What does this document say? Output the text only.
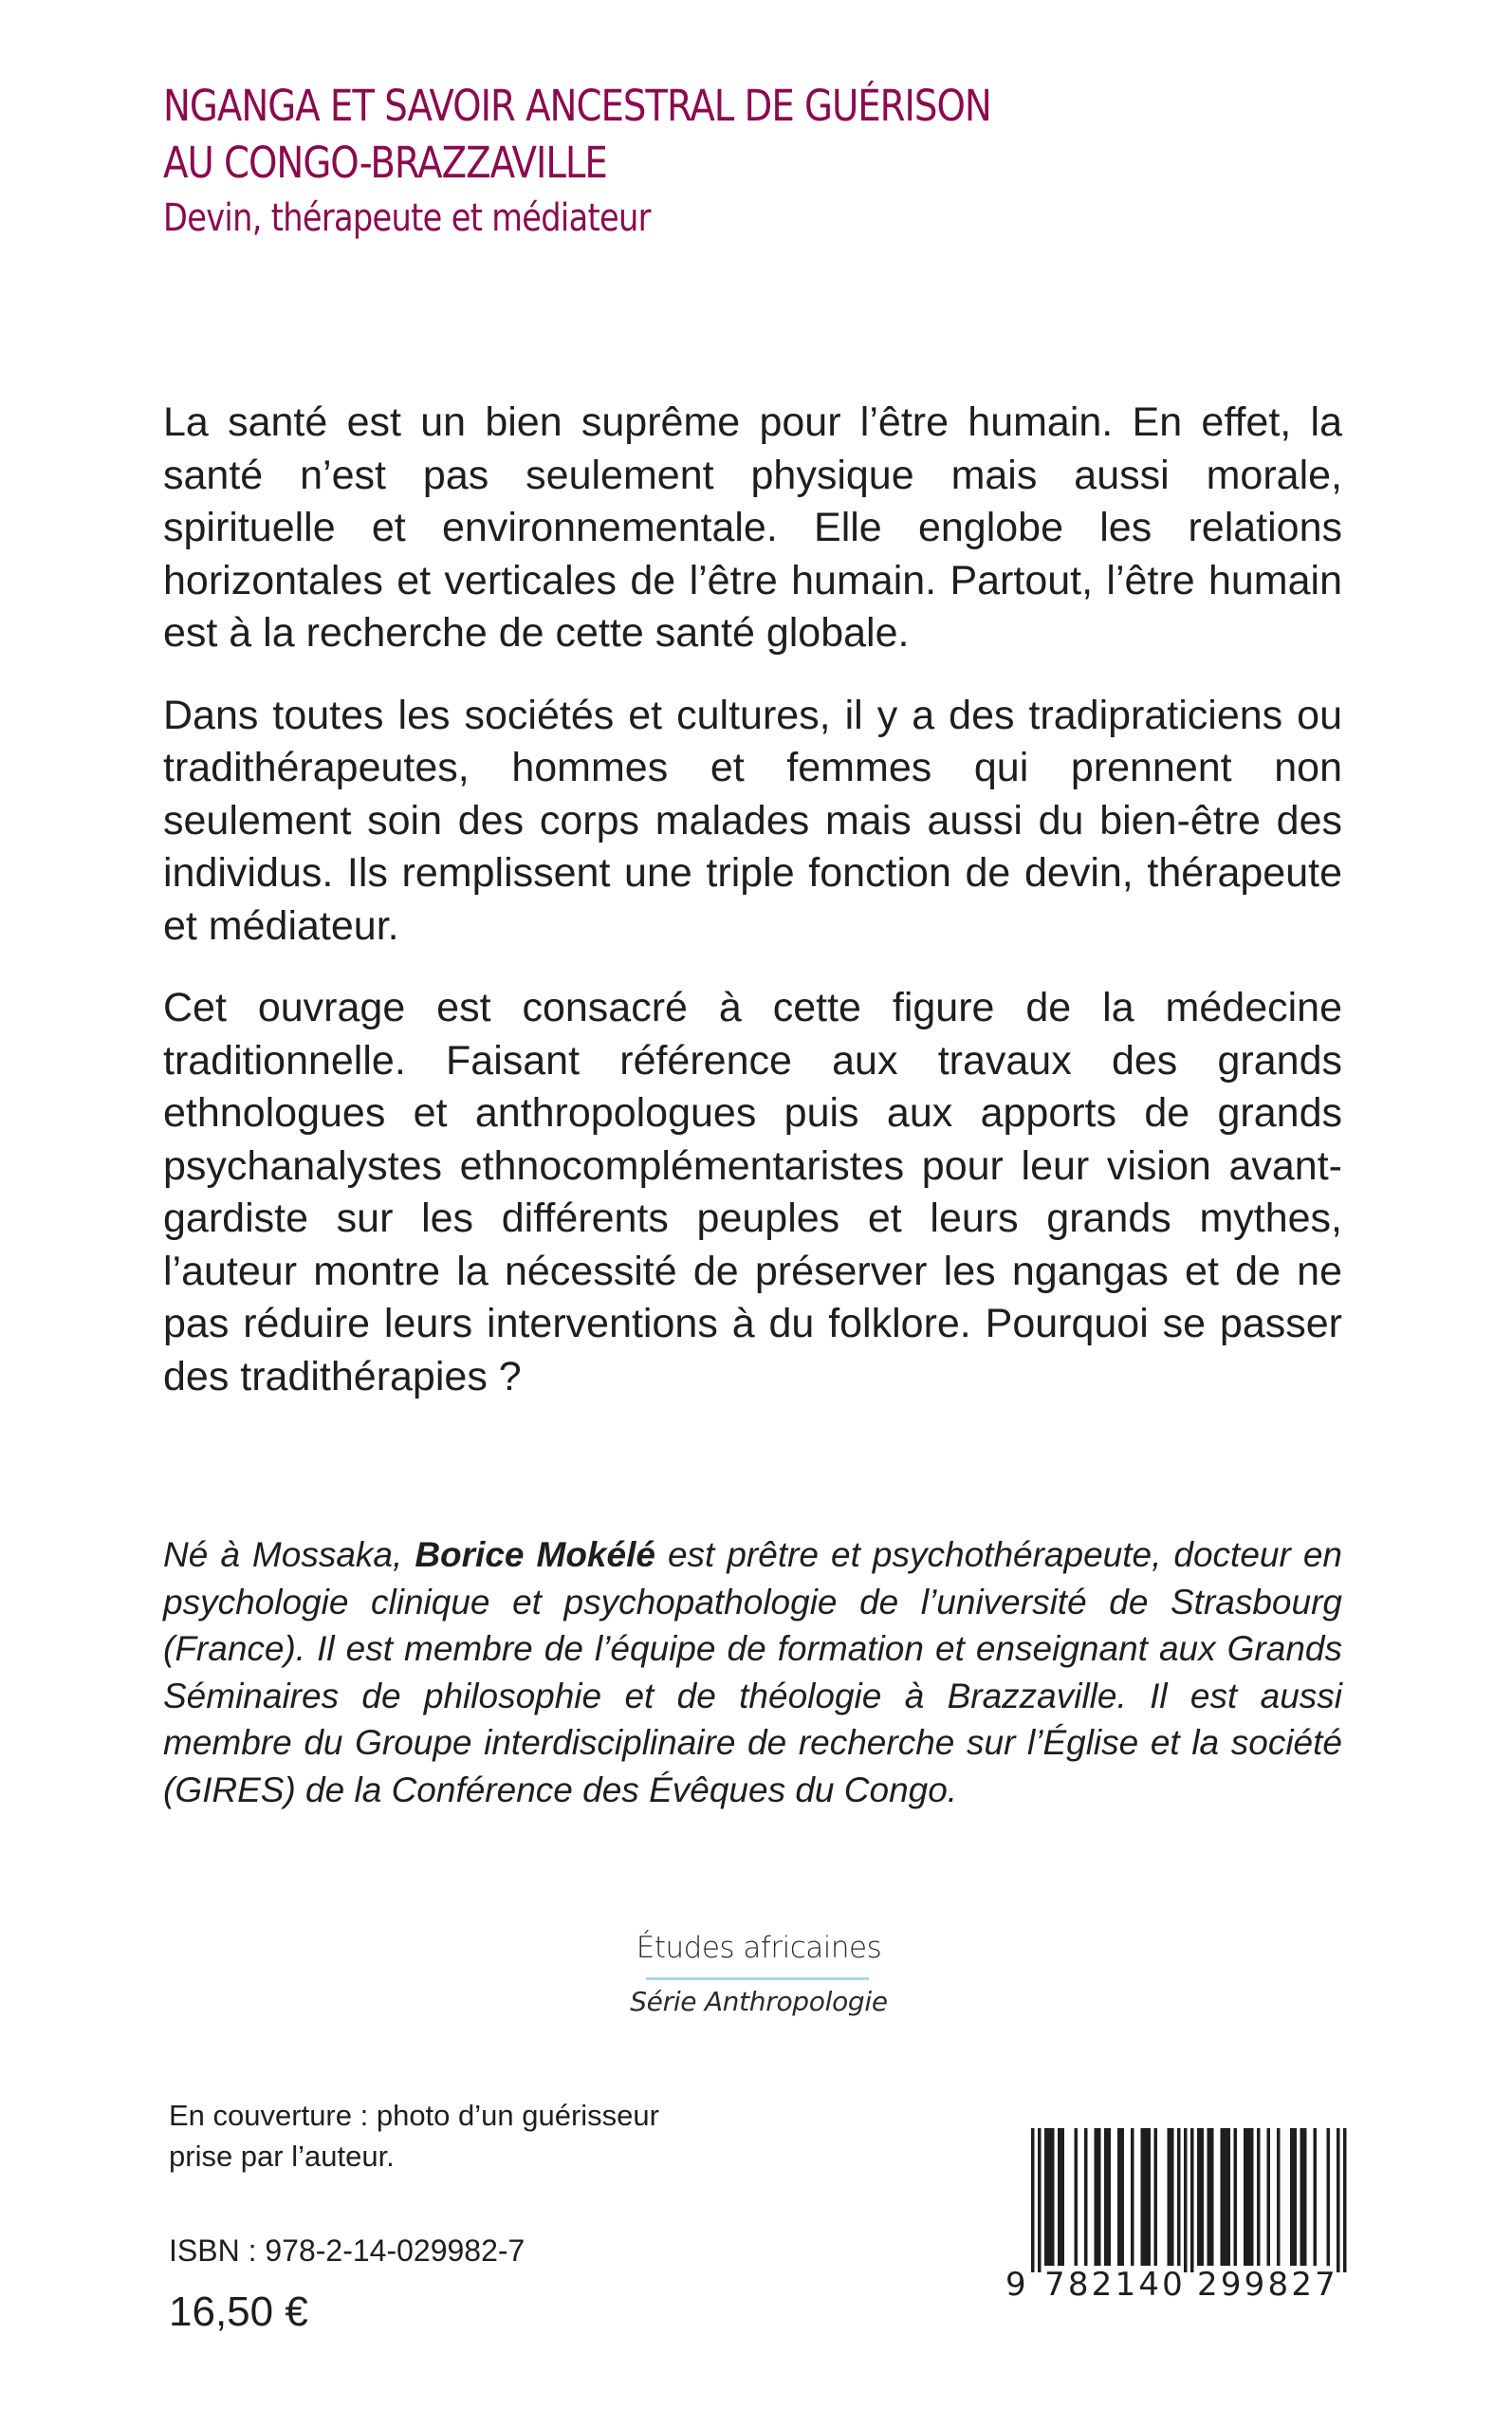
NGANGA ET SAVOIR ANCESTRAL DE GUÉRISON
AU CONGO-BRAZZAVILLE
Devin, thérapeute et médiateur

La santé est un bien suprême pour l’être humain. En effet, la santé n’est pas seulement physique mais aussi morale, spirituelle et environnementale. Elle englobe les relations horizontales et verticales de l’être humain. Partout, l’être humain est à la recherche de cette santé globale.

Dans toutes les sociétés et cultures, il y a des tradipraticiens ou tradithérapeutes, hommes et femmes qui prennent non seulement soin des corps malades mais aussi du bien-être des individus. Ils remplissent une triple fonction de devin, thérapeute et médiateur.

Cet ouvrage est consacré à cette figure de la médecine traditionnelle. Faisant référence aux travaux des grands ethnologues et anthropologues puis aux apports de grands psychanalystes ethnocomplémentaristes pour leur vision avant-gardiste sur les différents peuples et leurs grands mythes, l’auteur montre la nécessité de préserver les ngangas et de ne pas réduire leurs interventions à du folklore. Pourquoi se passer des tradithérapies ?

Né à Mossaka, Borice Mokélé est prêtre et psychothérapeute, docteur en psychologie clinique et psychopathologie de l’université de Strasbourg (France). Il est membre de l’équipe de formation et enseignant aux Grands Séminaires de philosophie et de théologie à Brazzaville. Il est aussi membre du Groupe interdisciplinaire de recherche sur l’Église et la société (GIRES) de la Conférence des Évêques du Congo.
Études africaines
Série Anthropologie
En couverture : photo d’un guérisseur
prise par l’auteur.
ISBN : 978-2-14-029982-7
16,50 €
9 782140 299827
